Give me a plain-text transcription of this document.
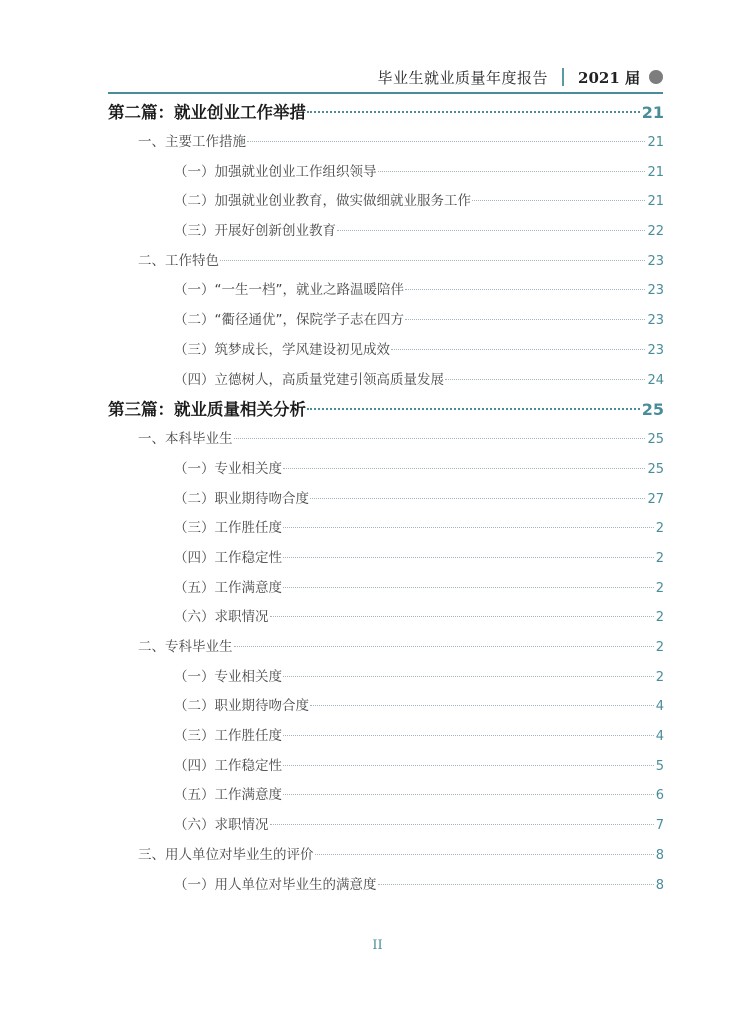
毕业生就业质量年度报告 2021 届
第二篇：就业创业工作举措	21
一、主要工作措施	21
（一）加强就业创业工作组织领导	21
（二）加强就业创业教育，做实做细就业服务工作	21
（三）开展好创新创业教育	22
二、工作特色	23
（一）“一生一档”，就业之路温暖陪伴	23
（二）“衢径通优”，保院学子志在四方	23
（三）筑梦成长，学风建设初见成效	23
（四）立德树人，高质量党建引领高质量发展	24
第三篇：就业质量相关分析	25
一、本科毕业生	25
（一）专业相关度	25
（二）职业期待吻合度	27
（三）工作胜任度	2
（四）工作稳定性	2
（五）工作满意度	2
（六）求职情况	2
二、专科毕业生	2
（一）专业相关度	2
（二）职业期待吻合度	4
（三）工作胜任度	4
（四）工作稳定性	5
（五）工作满意度	6
（六）求职情况	7
三、用人单位对毕业生的评价	8
（一）用人单位对毕业生的满意度	8
II
